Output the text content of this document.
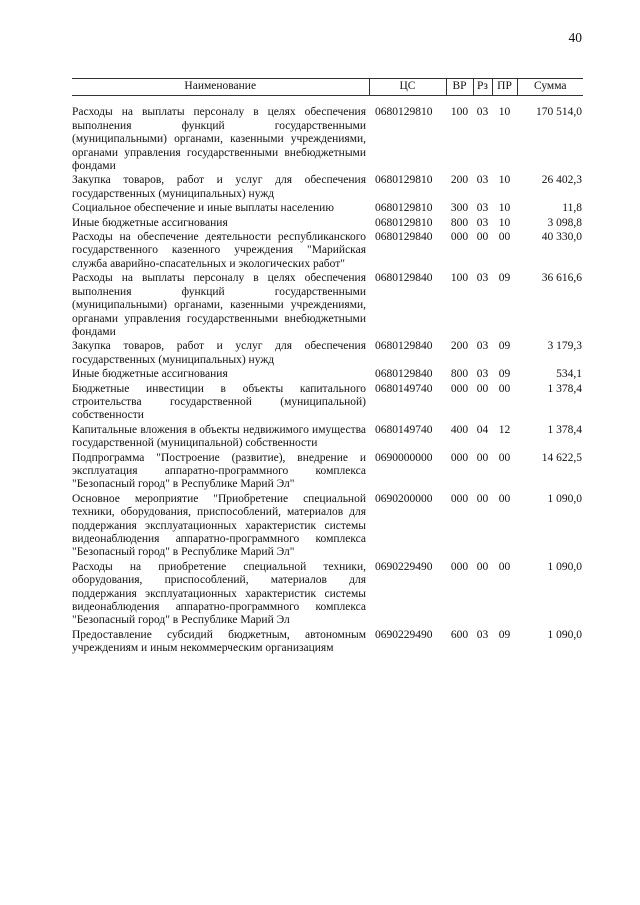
40
Наименование	ЦС	ВР	Рз	ПР	Сумма

Расходы на выплаты персоналу в целях обеспечения выполнения функций государственными (муниципальными) органами, казенными учреждениями, органами управления государственными внебюджетными фондами	0680129810	100	03	10	170 514,0
Закупка товаров, работ и услуг для обеспечения государственных (муниципальных) нужд	0680129810	200	03	10	26 402,3
Социальное обеспечение и иные выплаты населению	0680129810	300	03	10	11,8
Иные бюджетные ассигнования	0680129810	800	03	10	3 098,8
Расходы на обеспечение деятельности республиканского государственного казенного учреждения "Марийская служба аварийно-спасательных и экологических работ"	0680129840	000	00	00	40 330,0
Расходы на выплаты персоналу в целях обеспечения выполнения функций государственными (муниципальными) органами, казенными учреждениями, органами управления государственными внебюджетными фондами	0680129840	100	03	09	36 616,6
Закупка товаров, работ и услуг для обеспечения государственных (муниципальных) нужд	0680129840	200	03	09	3 179,3
Иные бюджетные ассигнования	0680129840	800	03	09	534,1
Бюджетные инвестиции в объекты капитального строительства государственной (муниципальной) собственности	0680149740	000	00	00	1 378,4
Капитальные вложения в объекты недвижимого имущества государственной (муниципальной) собственности	0680149740	400	04	12	1 378,4
Подпрограмма "Построение (развитие), внедрение и эксплуатация аппаратно-программного комплекса "Безопасный город" в Республике Марий Эл"	0690000000	000	00	00	14 622,5
Основное мероприятие "Приобретение специальной техники, оборудования, приспособлений, материалов для поддержания эксплуатационных характеристик системы видеонаблюдения аппаратно-программного комплекса "Безопасный город" в Республике Марий Эл"	0690200000	000	00	00	1 090,0
Расходы на приобретение специальной техники, оборудования, приспособлений, материалов для поддержания эксплуатационных характеристик системы видеонаблюдения аппаратно-программного комплекса "Безопасный город" в Республике Марий Эл	0690229490	000	00	00	1 090,0
Предоставление субсидий бюджетным, автономным учреждениям и иным некоммерческим организациям	0690229490	600	03	09	1 090,0
